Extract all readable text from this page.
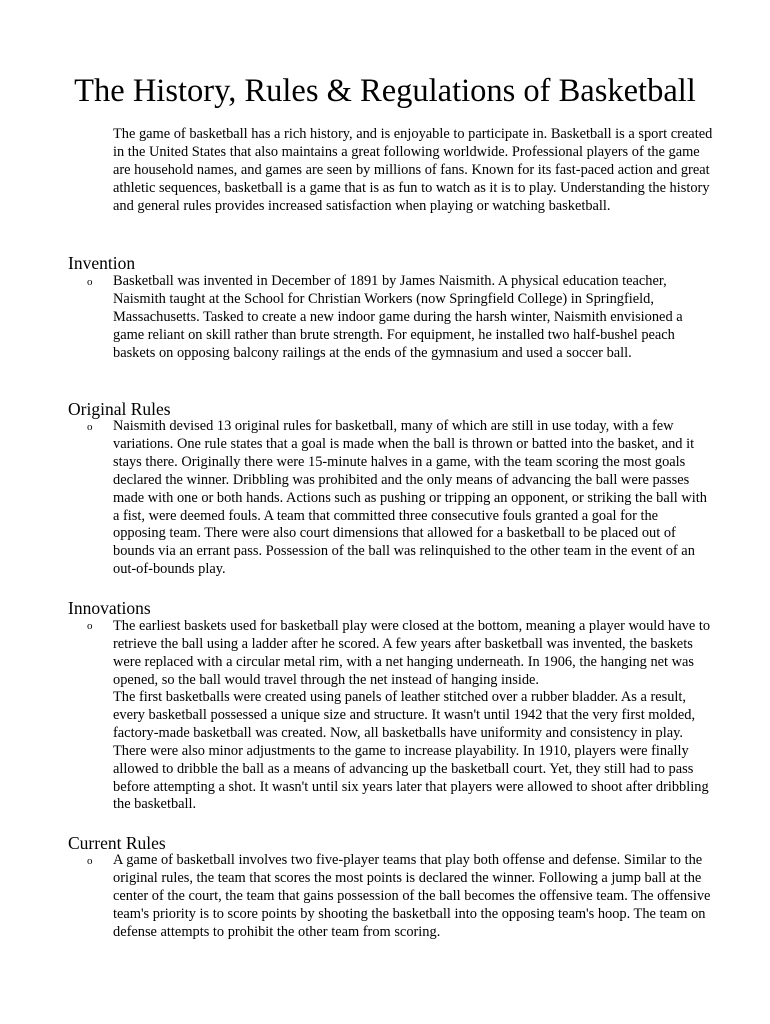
The History, Rules & Regulations of Basketball

The game of basketball has a rich history, and is enjoyable to participate in. Basketball is a sport created in the United States that also maintains a great following worldwide. Professional players of the game are household names, and games are seen by millions of fans. Known for its fast-paced action and great athletic sequences, basketball is a game that is as fun to watch as it is to play. Understanding the history and general rules provides increased satisfaction when playing or watching basketball.

Invention
o Basketball was invented in December of 1891 by James Naismith. A physical education teacher, Naismith taught at the School for Christian Workers (now Springfield College) in Springfield, Massachusetts. Tasked to create a new indoor game during the harsh winter, Naismith envisioned a game reliant on skill rather than brute strength. For equipment, he installed two half-bushel peach baskets on opposing balcony railings at the ends of the gymnasium and used a soccer ball.

Original Rules
o Naismith devised 13 original rules for basketball, many of which are still in use today, with a few variations. One rule states that a goal is made when the ball is thrown or batted into the basket, and it stays there. Originally there were 15-minute halves in a game, with the team scoring the most goals declared the winner. Dribbling was prohibited and the only means of advancing the ball were passes made with one or both hands. Actions such as pushing or tripping an opponent, or striking the ball with a fist, were deemed fouls. A team that committed three consecutive fouls granted a goal for the opposing team. There were also court dimensions that allowed for a basketball to be placed out of bounds via an errant pass. Possession of the ball was relinquished to the other team in the event of an out-of-bounds play.

Innovations
o The earliest baskets used for basketball play were closed at the bottom, meaning a player would have to retrieve the ball using a ladder after he scored. A few years after basketball was invented, the baskets were replaced with a circular metal rim, with a net hanging underneath. In 1906, the hanging net was opened, so the ball would travel through the net instead of hanging inside.

The first basketballs were created using panels of leather stitched over a rubber bladder. As a result, every basketball possessed a unique size and structure. It wasn't until 1942 that the very first molded, factory-made basketball was created. Now, all basketballs have uniformity and consistency in play. There were also minor adjustments to the game to increase playability. In 1910, players were finally allowed to dribble the ball as a means of advancing up the basketball court. Yet, they still had to pass before attempting a shot. It wasn't until six years later that players were allowed to shoot after dribbling the basketball.

Current Rules
o A game of basketball involves two five-player teams that play both offense and defense. Similar to the original rules, the team that scores the most points is declared the winner. Following a jump ball at the center of the court, the team that gains possession of the ball becomes the offensive team. The offensive team's priority is to score points by shooting the basketball into the opposing team's hoop. The team on defense attempts to prohibit the other team from scoring.
